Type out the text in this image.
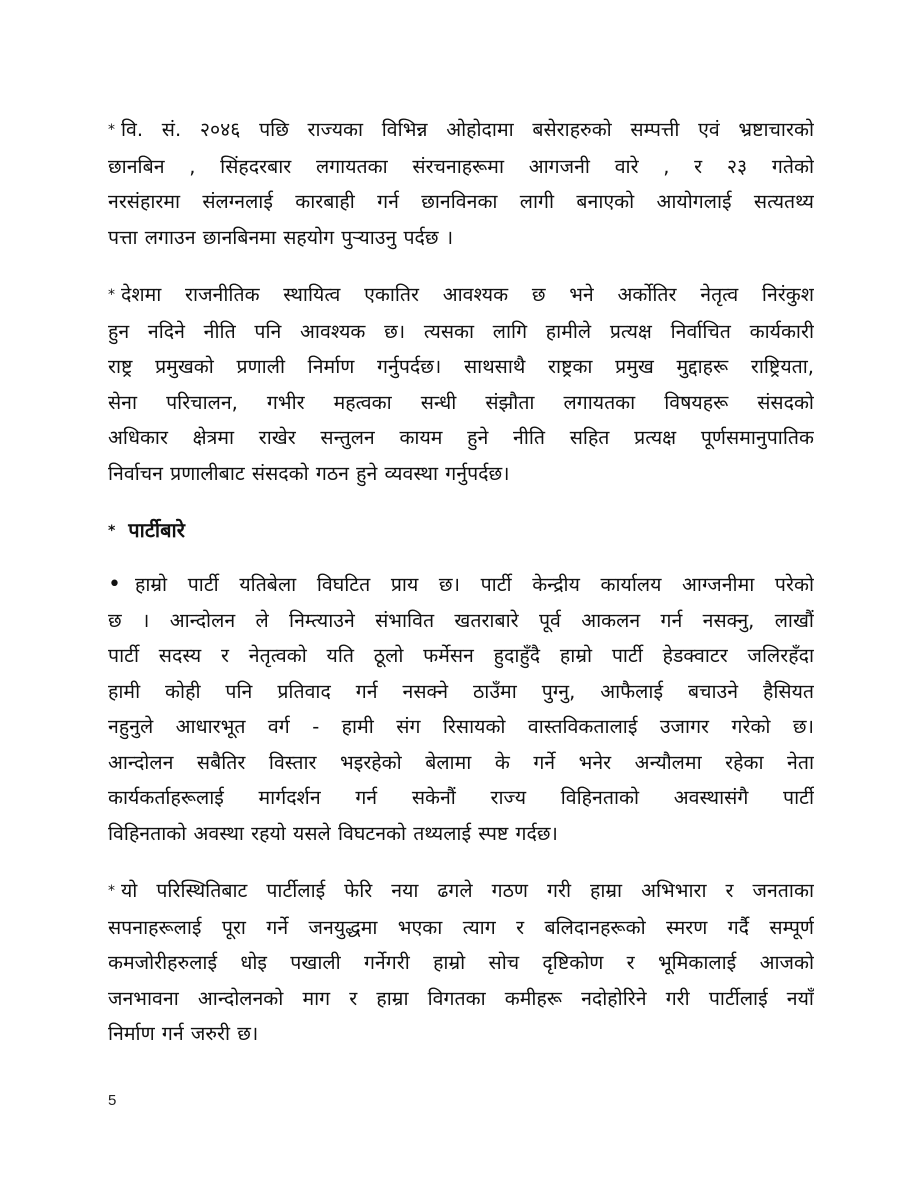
* वि. सं. २०४६ पछि राज्यका विभिन्न ओहोदामा बसेराहरुको सम्पत्ती एवं भ्रष्टाचारको
छानबिन , सिंहदरबार लगायतका संरचनाहरूमा आगजनी वारे , र २३ गतेको
नरसंहारमा संलग्नलाई कारबाही गर्न छानविनका लागी बनाएको आयोगलाई सत्यतथ्य
पत्ता लगाउन छानबिनमा सहयोग पुऱ्याउनु पर्दछ ।

* देशमा राजनीतिक स्थायित्व एकातिर आवश्यक छ भने अर्कोतिर नेतृत्व निरंकुश
हुन नदिने नीति पनि आवश्यक छ। त्यसका लागि हामीले प्रत्यक्ष निर्वाचित कार्यकारी
राष्ट्र प्रमुखको प्रणाली निर्माण गर्नुपर्दछ। साथसाथै राष्ट्रका प्रमुख मुद्दाहरू राष्ट्रियता,
सेना परिचालन, गभीर महत्वका सन्धी संझौता लगायतका विषयहरू संसदको
अधिकार क्षेत्रमा राखेर सन्तुलन कायम हुने नीति सहित प्रत्यक्ष पूर्णसमानुपातिक
निर्वाचन प्रणालीबाट संसदको गठन हुने व्यवस्था गर्नुपर्दछ।

* पार्टीबारे

• हाम्रो पार्टी यतिबेला विघटित प्राय छ। पार्टी केन्द्रीय कार्यालय आग्जनीमा परेको
छ । आन्दोलन ले निम्त्याउने संभावित खतराबारे पूर्व आकलन गर्न नसक्नु, लाखौं
पार्टी सदस्य र नेतृत्वको यति ठूलो फर्मेसन हुदाहुँदै हाम्रो पार्टी हेडक्वाटर जलिरहँदा
हामी कोही पनि प्रतिवाद गर्न नसक्ने ठाउँमा पुग्नु, आफैलाई बचाउने हैसियत
नहुनुले आधारभूत वर्ग - हामी संग रिसायको वास्तविकतालाई उजागर गरेको छ।
आन्दोलन सबैतिर विस्तार भइरहेको बेलामा के गर्ने भनेर अन्यौलमा रहेका नेता
कार्यकर्ताहरूलाई मार्गदर्शन गर्न सकेनौं राज्य विहिनताको अवस्थासंगै पार्टी
विहिनताको अवस्था रहयो यसले विघटनको तथ्यलाई स्पष्ट गर्दछ।

* यो परिस्थितिबाट पार्टीलाई फेरि नया ढगले गठण गरी हाम्रा अभिभारा र जनताका
सपनाहरूलाई पूरा गर्ने जनयुद्धमा भएका त्याग र बलिदानहरूको स्मरण गर्दै सम्पूर्ण
कमजोरीहरुलाई धोइ पखाली गर्नेगरी हाम्रो सोच दृष्टिकोण र भूमिकालाई आजको
जनभावना आन्दोलनको माग र हाम्रा विगतका कमीहरू नदोहोरिने गरी पार्टीलाई नयाँ
निर्माण गर्न जरुरी छ।

5
